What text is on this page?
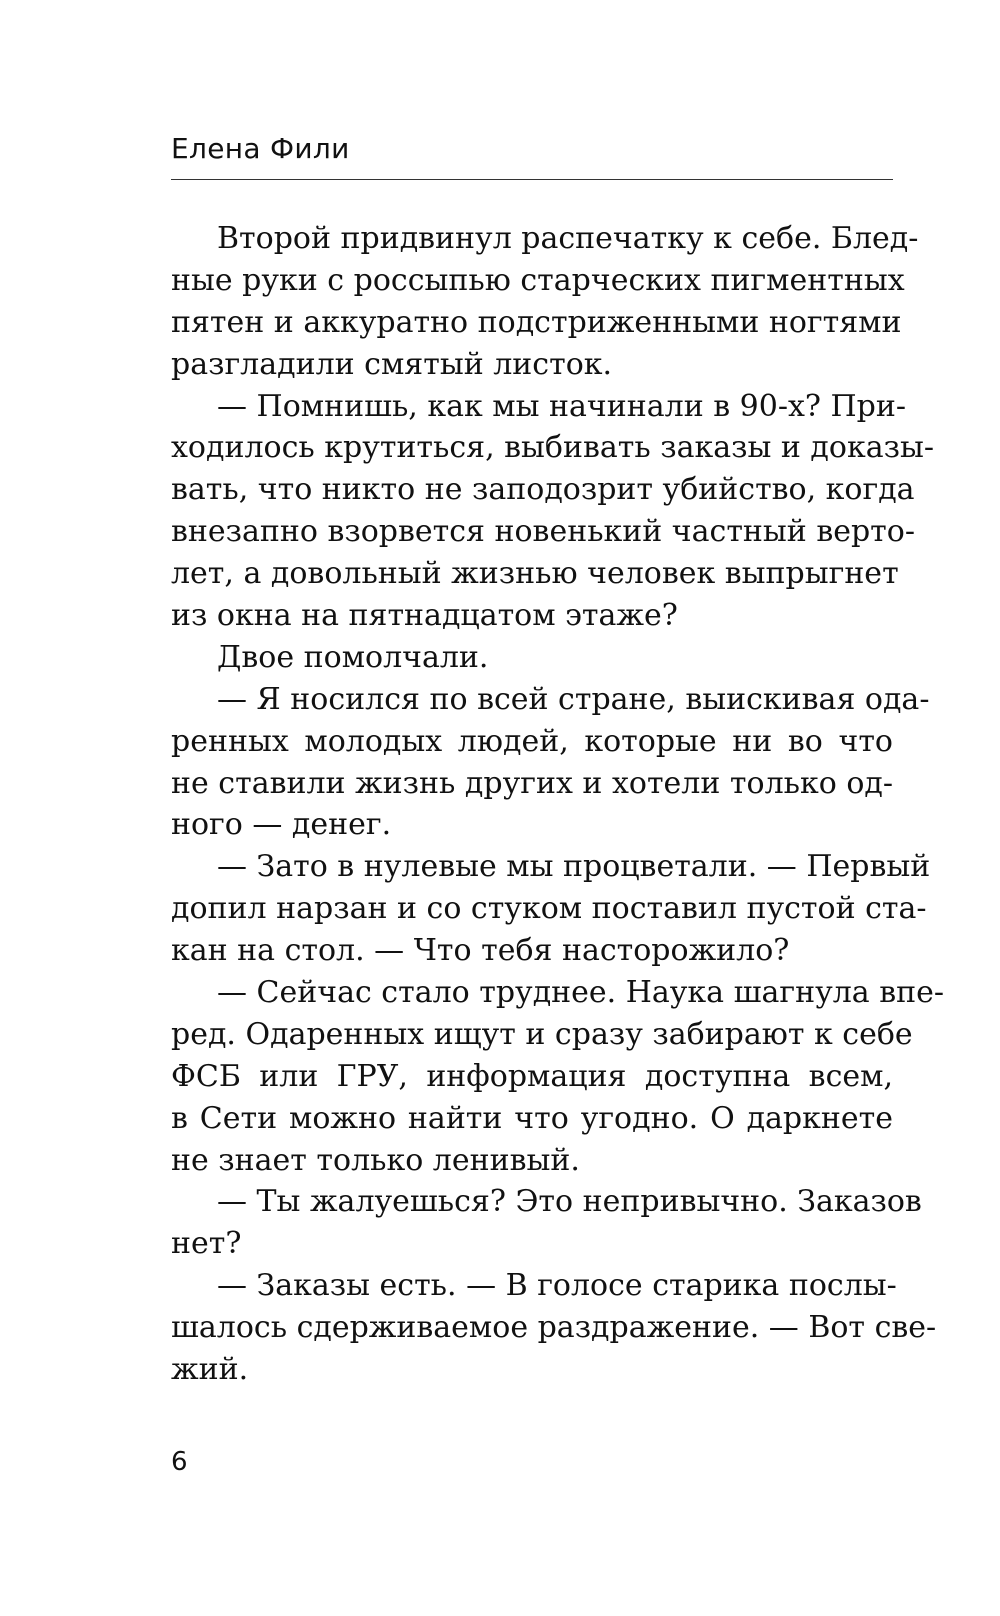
Елена Фили

Второй придвинул распечатку к себе. Блед-
ные руки с россыпью старческих пигментных
пятен и аккуратно подстриженными ногтями
разгладили смятый листок.

— Помнишь, как мы начинали в 90-х? При-
ходилось крутиться, выбивать заказы и доказы-
вать, что никто не заподозрит убийство, когда
внезапно взорвется новенький частный верто-
лет, а довольный жизнью человек выпрыгнет
из окна на пятнадцатом этаже?

Двое помолчали.

— Я носился по всей стране, выискивая ода-
ренных молодых людей, которые ни во что
не ставили жизнь других и хотели только од-
ного — денег.

— Зато в нулевые мы процветали. — Первый
допил нарзан и со стуком поставил пустой ста-
кан на стол. — Что тебя насторожило?

— Сейчас стало труднее. Наука шагнула впе-
ред. Одаренных ищут и сразу забирают к себе
ФСБ или ГРУ, информация доступна всем,
в Сети можно найти что угодно. О даркнете
не знает только ленивый.

— Ты жалуешься? Это непривычно. Заказов
нет?

— Заказы есть. — В голосе старика послы-
шалось сдерживаемое раздражение. — Вот све-
жий.

6
